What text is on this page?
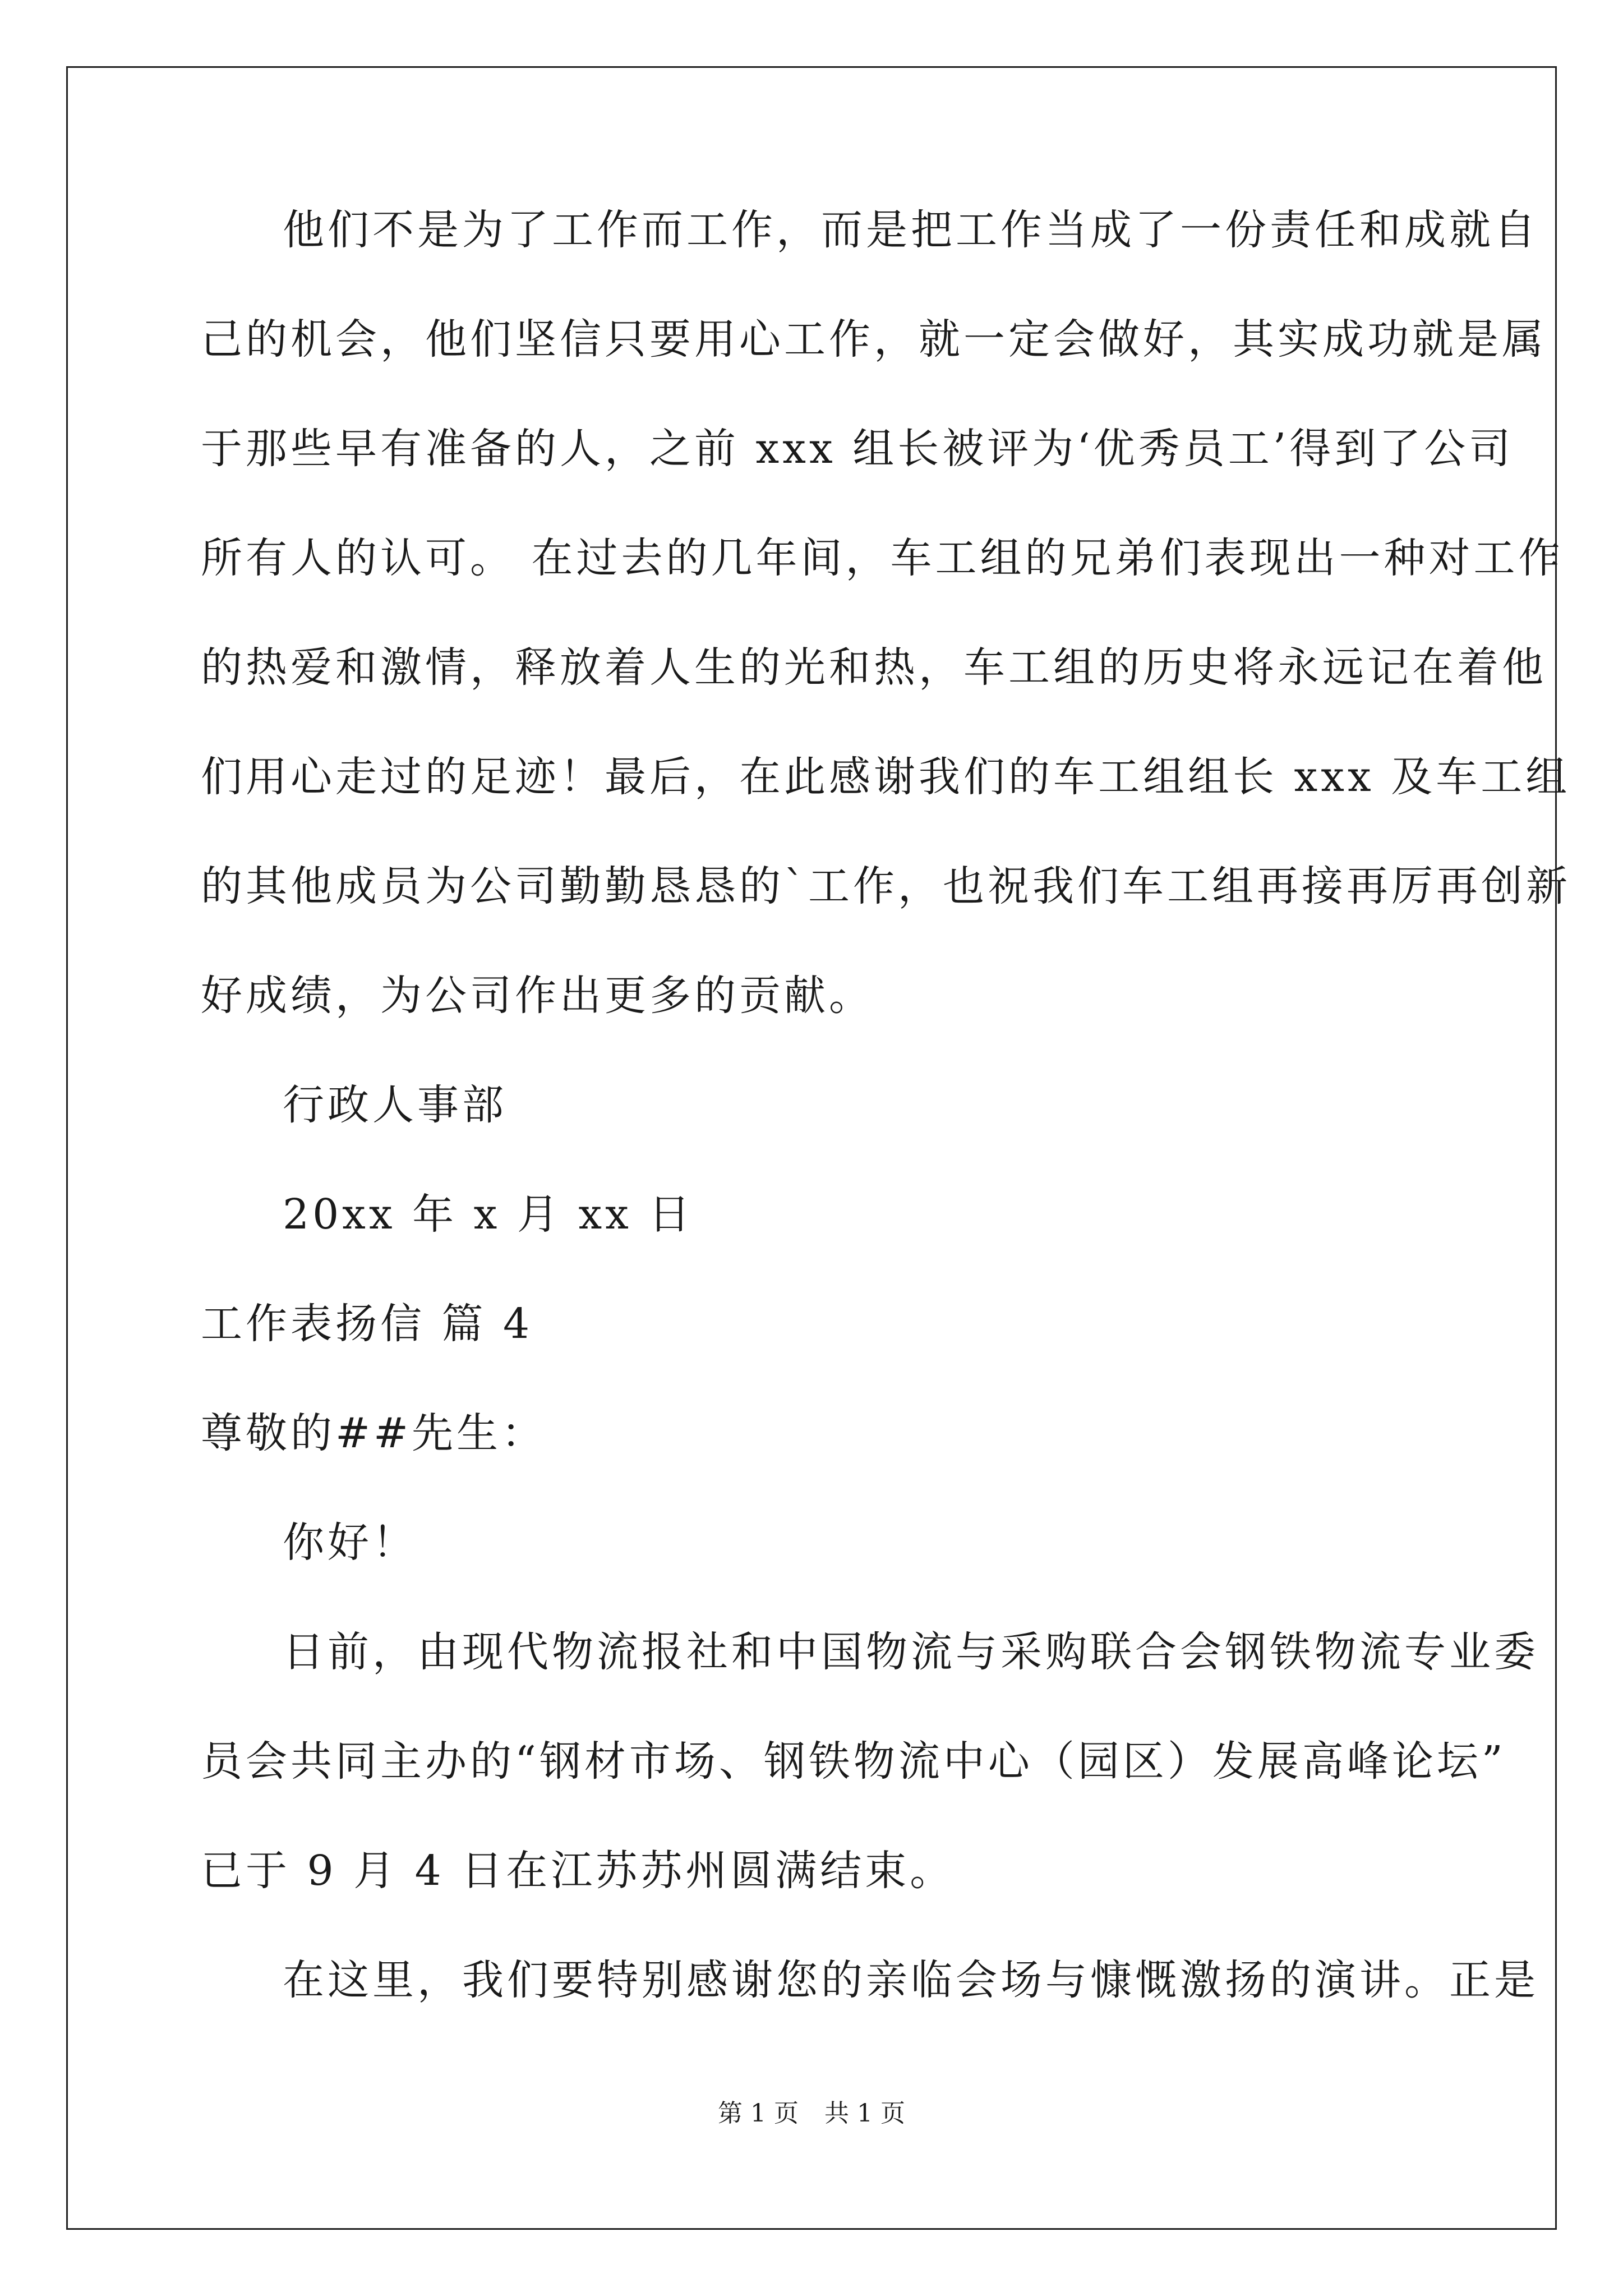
他们不是为了工作而工作，而是把工作当成了一份责任和成就自
己的机会，他们坚信只要用心工作，就一定会做好，其实成功就是属
于那些早有准备的人，之前 xxx 组长被评为‘优秀员工’得到了公司
所有人的认可。 在过去的几年间，车工组的兄弟们表现出一种对工作
的热爱和激情，释放着人生的光和热，车工组的历史将永远记在着他
们用心走过的足迹！最后，在此感谢我们的车工组组长 xxx 及车工组
的其他成员为公司勤勤恳恳的`工作，也祝我们车工组再接再厉再创新
好成绩，为公司作出更多的贡献。
行政人事部
20xx 年 x 月 xx 日
工作表扬信 篇 4
尊敬的##先生：
你好！
日前，由现代物流报社和中国物流与采购联合会钢铁物流专业委
员会共同主办的“钢材市场、钢铁物流中心（园区）发展高峰论坛”
已于 9 月 4 日在江苏苏州圆满结束。
在这里，我们要特别感谢您的亲临会场与慷慨激扬的演讲。正是
第 1 页 共 1 页
